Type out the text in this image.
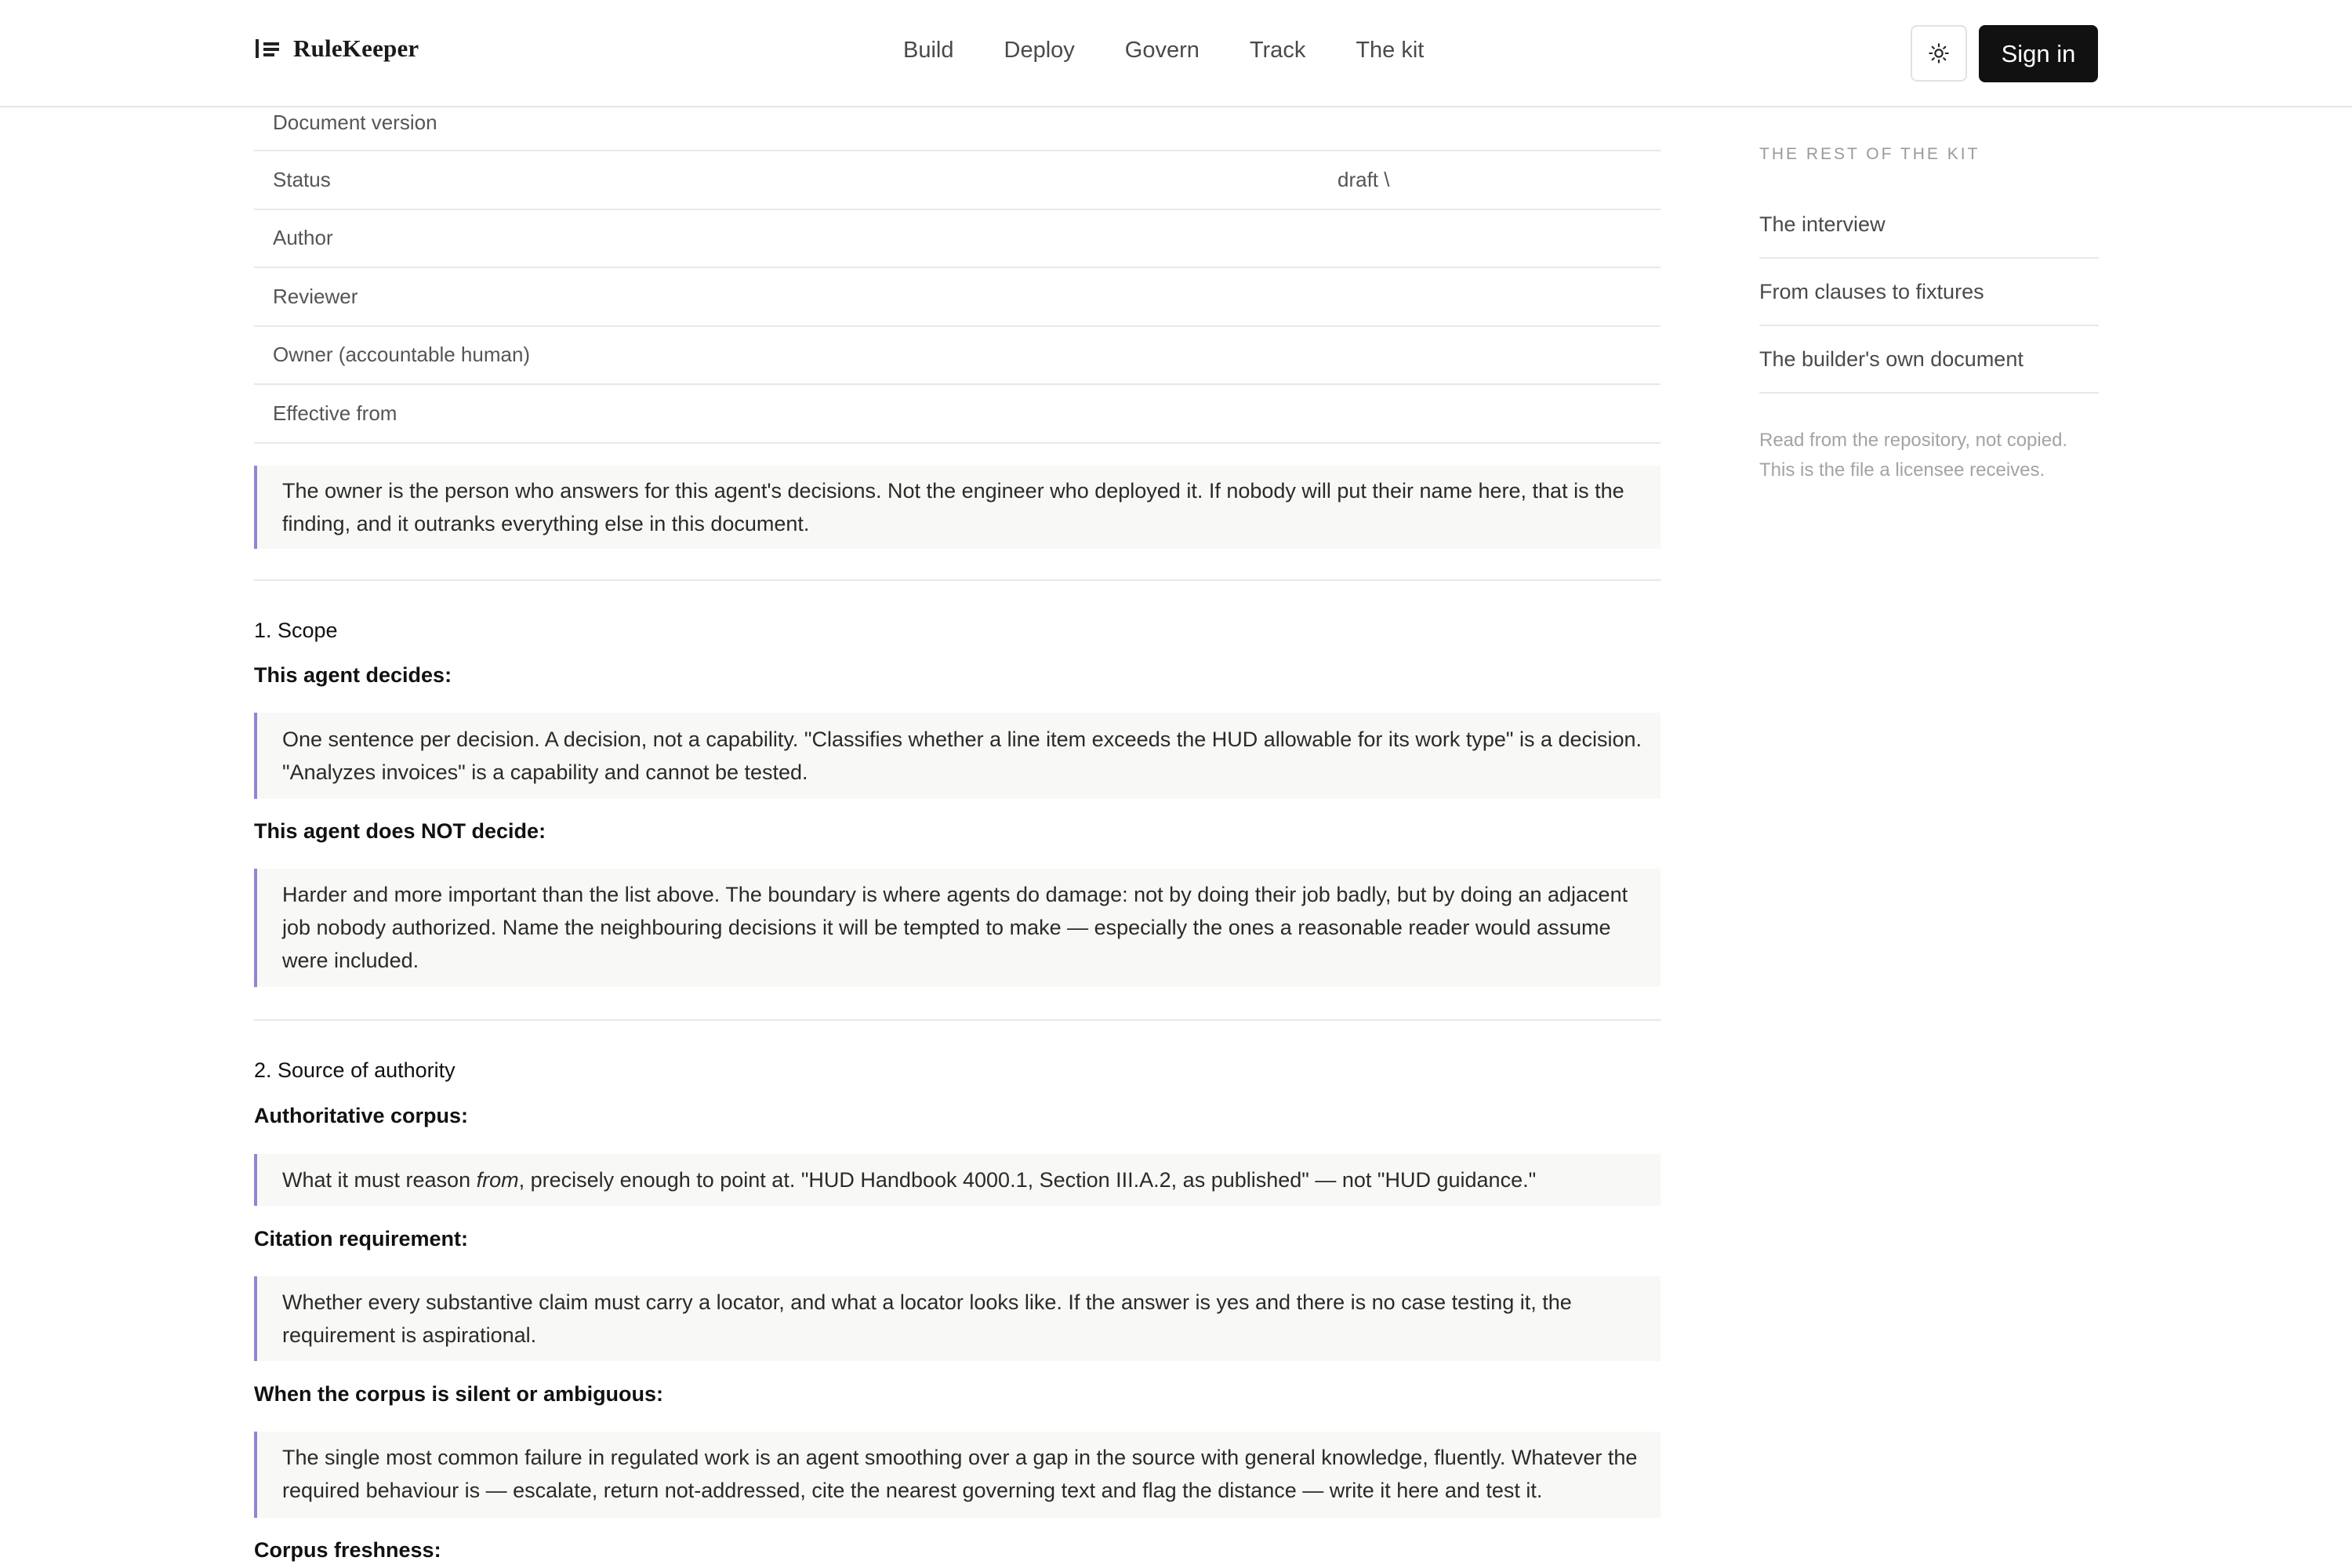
RuleKeeper	Build Deploy Govern Track The kit	Sign in
Document version
Status	draft \
Author
Reviewer
Owner (accountable human)
Effective from
The owner is the person who answers for this agent's decisions. Not the engineer who deployed it. If nobody will put their name here, that is the finding, and it outranks everything else in this document.
1. Scope
This agent decides:
One sentence per decision. A decision, not a capability. "Classifies whether a line item exceeds the HUD allowable for its work type" is a decision. "Analyzes invoices" is a capability and cannot be tested.
This agent does NOT decide:
Harder and more important than the list above. The boundary is where agents do damage: not by doing their job badly, but by doing an adjacent job nobody authorized. Name the neighbouring decisions it will be tempted to make — especially the ones a reasonable reader would assume were included.
2. Source of authority
Authoritative corpus:
What it must reason from, precisely enough to point at. "HUD Handbook 4000.1, Section III.A.2, as published" — not "HUD guidance."
Citation requirement:
Whether every substantive claim must carry a locator, and what a locator looks like. If the answer is yes and there is no case testing it, the requirement is aspirational.
When the corpus is silent or ambiguous:
The single most common failure in regulated work is an agent smoothing over a gap in the source with general knowledge, fluently. Whatever the required behaviour is — escalate, return not-addressed, cite the nearest governing text and flag the distance — write it here and test it.
Corpus freshness:
THE REST OF THE KIT
The interview
From clauses to fixtures
The builder's own document
Read from the repository, not copied. This is the file a licensee receives.
